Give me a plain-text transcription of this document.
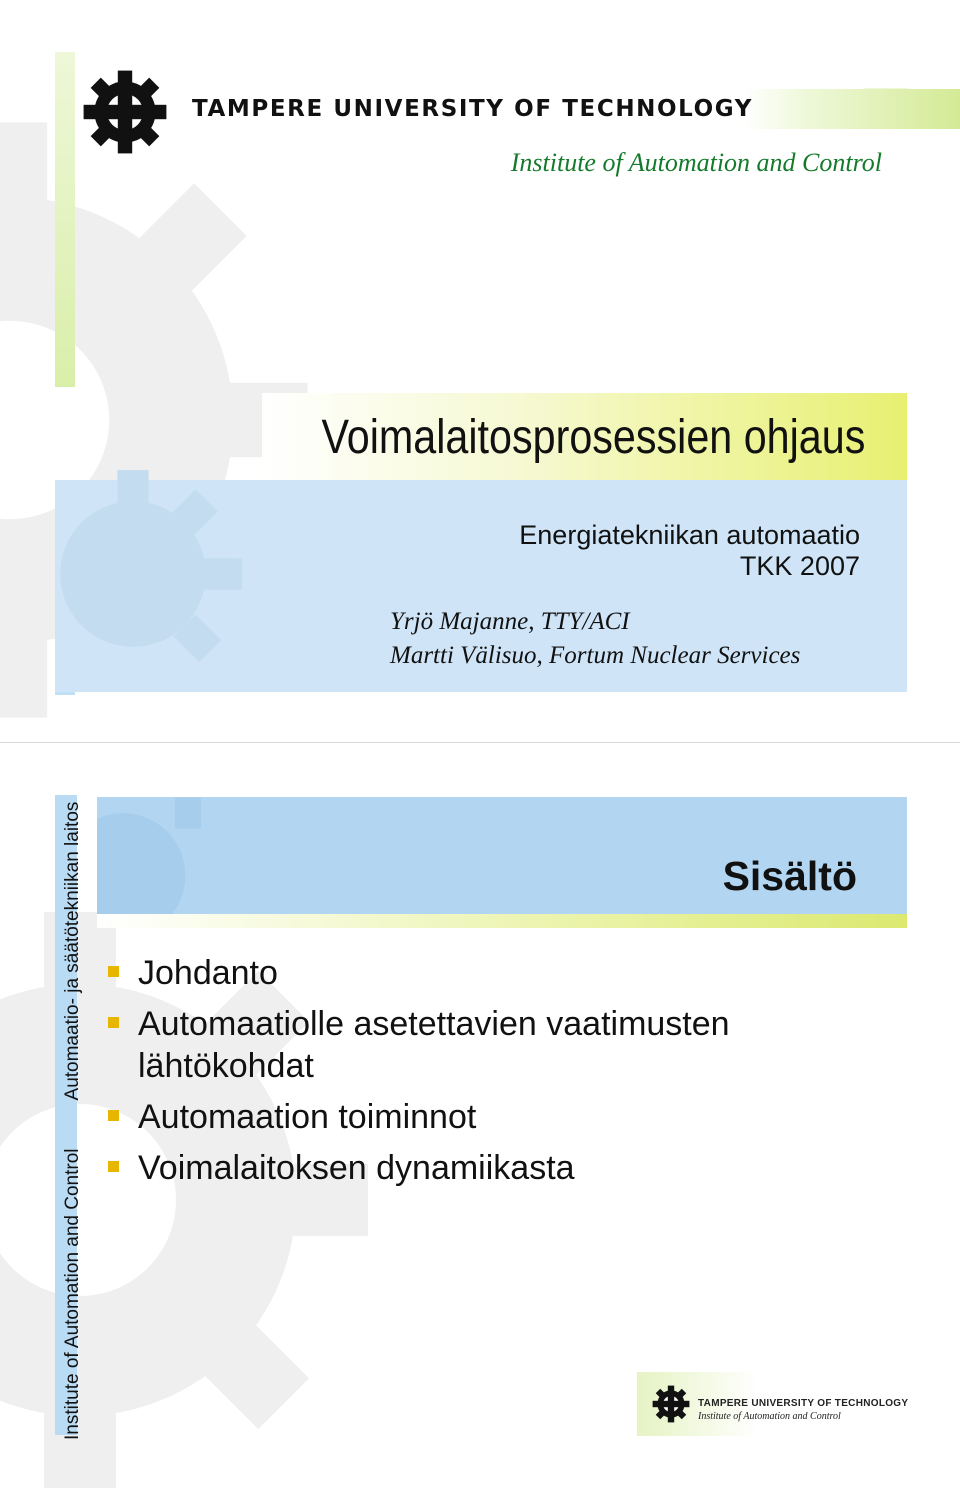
TAMPERE UNIVERSITY OF TECHNOLOGY
Institute of Automation and Control
Voimalaitosprosessien ohjaus
Energiatekniikan automaatio
TKK 2007
Yrjö Majanne, TTY/ACI
Martti Välisuo, Fortum Nuclear Services
Institute of Automation and Control
Automaatio- ja säätötekniikan laitos	Sisältö
Johdanto
Automaatiolle asetettavien vaatimusten lähtökohdat
Automaation toiminnot
Voimalaitoksen dynamiikasta
TAMPERE UNIVERSITY OF TECHNOLOGY
Institute of Automation and Control
